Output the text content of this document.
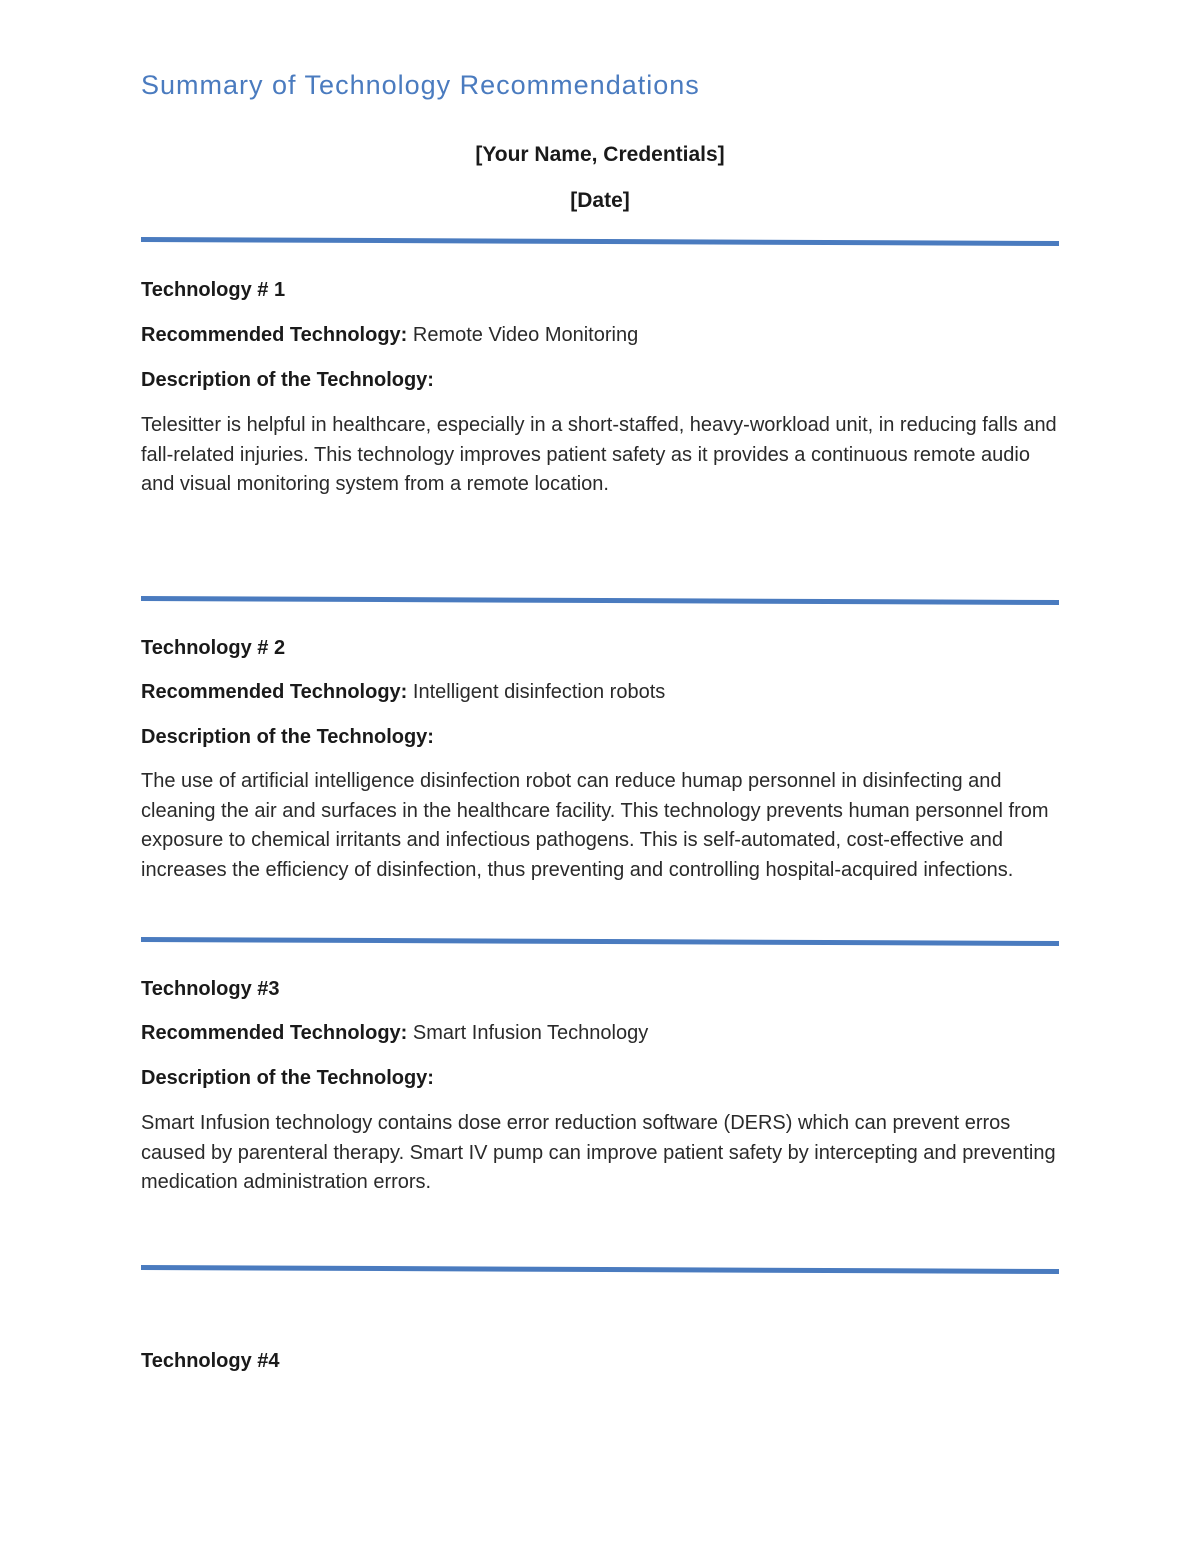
Summary of Technology Recommendations
[Your Name, Credentials]
[Date]
Technology # 1
Recommended Technology: Remote Video Monitoring
Description of the Technology:
Telesitter is helpful in healthcare, especially in a short-staffed, heavy-workload unit, in reducing falls and fall-related injuries. This technology improves patient safety as it provides a continuous remote audio and visual monitoring system from a remote location.
Technology # 2
Recommended Technology: Intelligent disinfection robots
Description of the Technology:
The use of artificial intelligence disinfection robot can reduce humap personnel in disinfecting and cleaning the air and surfaces in the healthcare facility. This technology prevents human personnel from exposure to chemical irritants and infectious pathogens. This is self-automated, cost-effective and increases the efficiency of disinfection, thus preventing and controlling hospital-acquired infections.
Technology #3
Recommended Technology: Smart Infusion Technology
Description of the Technology:
Smart Infusion technology contains dose error reduction software (DERS) which can prevent erros caused by parenteral therapy. Smart IV pump can improve patient safety by intercepting and preventing medication administration errors.
Technology #4
